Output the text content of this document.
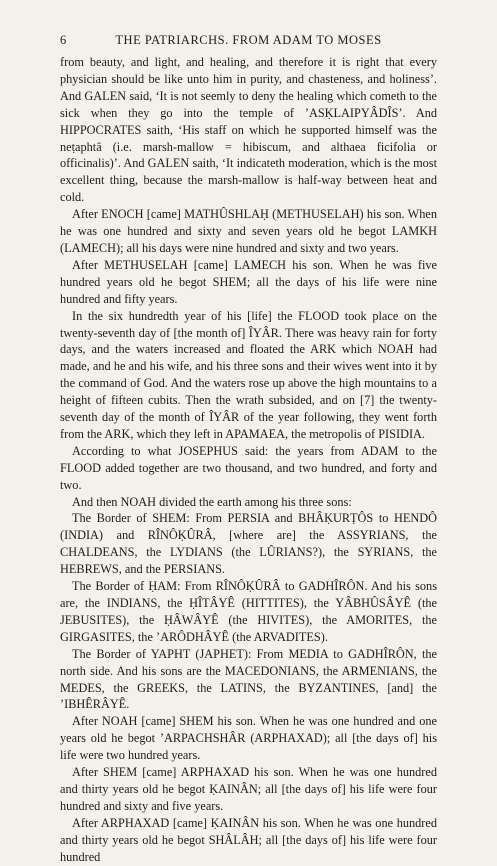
6	THE PATRIARCHS. FROM ADAM TO MOSES

from beauty, and light, and healing, and therefore it is right that every physician should be like unto him in purity, and chasteness, and holiness’. And GALEN said, ‘It is not seemly to deny the healing which cometh to the sick when they go into the temple of ’ASḲLAIPYÂDÎS’. And HIPPOCRATES saith, ‘His staff on which he supported himself was the neṭaphtâ (i.e. marsh-mallow = hibiscum, and althaea ficifolia or officinalis)’. And GALEN saith, ‘It indicateth moderation, which is the most excellent thing, because the marsh-mallow is half-way between heat and cold.

After ENOCH [came] MATHÛSHLAḤ (METHUSELAH) his son. When he was one hundred and sixty and seven years old he begot LAMKH (LAMECH); all his days were nine hundred and sixty and two years.

After METHUSELAH [came] LAMECH his son. When he was five hundred years old he begot SHEM; all the days of his life were nine hundred and fifty years.

In the six hundredth year of his [life] the FLOOD took place on the twenty-seventh day of [the month of] ÎYÂR. There was heavy rain for forty days, and the waters increased and floated the ARK which NOAH had made, and he and his wife, and his three sons and their wives went into it by the command of God. And the waters rose up above the high mountains to a height of fifteen cubits. Then the wrath subsided, and on [7] the twenty-seventh day of the month of ÎYÂR of the year following, they went forth from the ARK, which they left in APAMAEA, the metropolis of PISIDIA.

According to what JOSEPHUS said: the years from ADAM to the FLOOD added together are two thousand, and two hundred, and forty and two.

And then NOAH divided the earth among his three sons:

The Border of SHEM: From PERSIA and BHÂḲURṬÔS to HENDÔ (INDIA) and RÎNÔḲÛRÂ, [where are] the ASSYRIANS, the CHALDEANS, the LYDIANS (the LÛRIANS?), the SYRIANS, the HEBREWS, and the PERSIANS.

The Border of ḤAM: From RÎNÔḲÛRÂ to GADHÎRÔN. And his sons are, the INDIANS, the ḤÎTÂYÊ (HITTITES), the YÂBHÛSÂYÊ (the JEBUSITES), the ḤÂWÂYÊ (the HIVITES), the AMORITES, the GIRGASITES, the ’ARÔDHÂYÊ (the ARVADITES).

The Border of YAPHT (JAPHET): From MEDIA to GADHÎRÔN, the north side. And his sons are the MACEDONIANS, the ARMENIANS, the MEDES, the GREEKS, the LATINS, the BYZANTINES, [and] the ’IBHÊRÂYÊ.

After NOAH [came] SHEM his son. When he was one hundred and one years old he begot ’ARPACHSHÂR (ARPHAXAD); all [the days of] his life were two hundred years.

After SHEM [came] ARPHAXAD his son. When he was one hundred and thirty years old he begot ḲAINÂN; all [the days of] his life were four hundred and sixty and five years.

After ARPHAXAD [came] ḲAINÂN his son. When he was one hundred and thirty years old he begot SHÂLÂH; all [the days of] his life were four hundred
